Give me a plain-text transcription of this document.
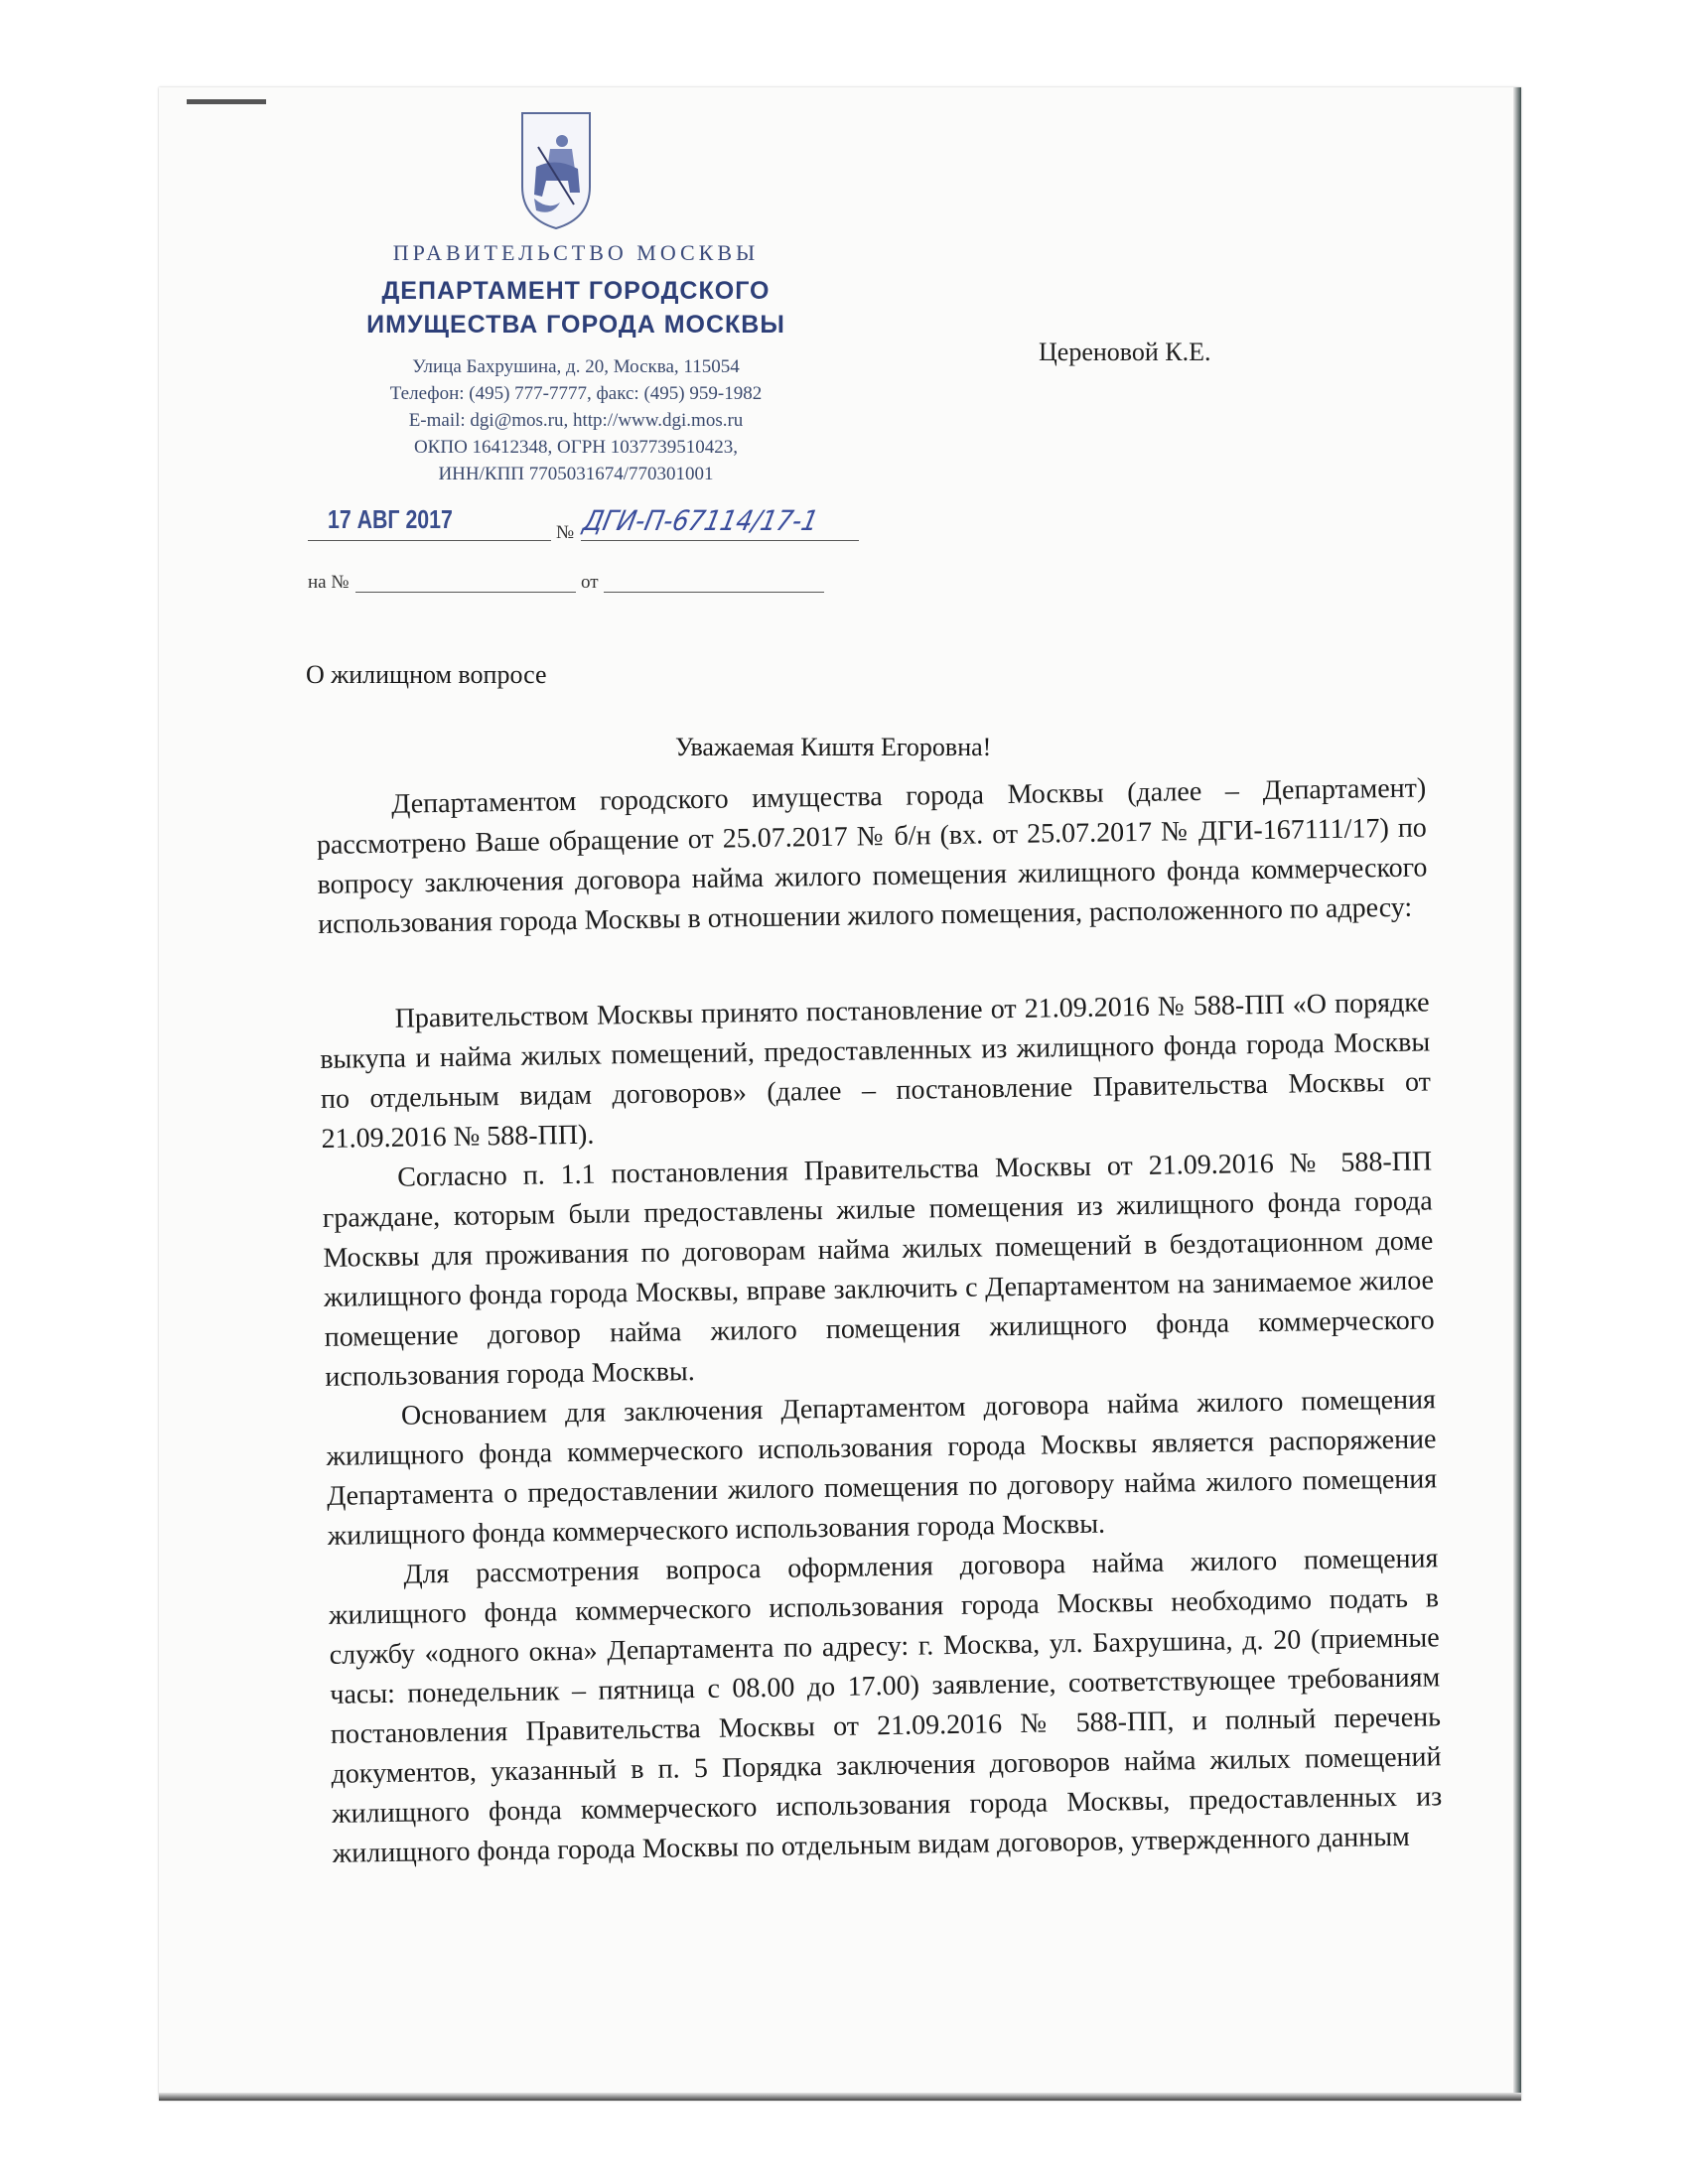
ПРАВИТЕЛЬСТВО МОСКВЫ
ДЕПАРТАМЕНТ ГОРОДСКОГО
ИМУЩЕСТВА ГОРОДА МОСКВЫ
Улица Бахрушина, д. 20, Москва, 115054
Телефон: (495) 777-7777, факс: (495) 959-1982
E-mail: dgi@mos.ru, http://www.dgi.mos.ru
ОКПО 16412348, ОГРН 1037739510423,
ИНН/КПП 7705031674/770301001
Цереновой К.Е.
17 АВГ 2017	№ ДГИ-П-67114/17-1
на №	от
О жилищном вопросе
Уважаемая Киштя Егоровна!

Департаментом городского имущества города Москвы (далее – Департамент) рассмотрено Ваше обращение от 25.07.2017 № б/н (вх. от 25.07.2017 № ДГИ-167111/17) по вопросу заключения договора найма жилого помещения жилищного фонда коммерческого использования города Москвы в отношении жилого помещения, расположенного по адресу:

Правительством Москвы принято постановление от 21.09.2016 № 588-ПП «О порядке выкупа и найма жилых помещений, предоставленных из жилищного фонда города Москвы по отдельным видам договоров» (далее – постановление Правительства Москвы от 21.09.2016 № 588-ПП).

Согласно п. 1.1 постановления Правительства Москвы от 21.09.2016 № 588-ПП граждане, которым были предоставлены жилые помещения из жилищного фонда города Москвы для проживания по договорам найма жилых помещений в бездотационном доме жилищного фонда города Москвы, вправе заключить с Департаментом на занимаемое жилое помещение договор найма жилого помещения жилищного фонда коммерческого использования города Москвы.

Основанием для заключения Департаментом договора найма жилого помещения жилищного фонда коммерческого использования города Москвы является распоряжение Департамента о предоставлении жилого помещения по договору найма жилого помещения жилищного фонда коммерческого использования города Москвы.

Для рассмотрения вопроса оформления договора найма жилого помещения жилищного фонда коммерческого использования города Москвы необходимо подать в службу «одного окна» Департамента по адресу: г. Москва, ул. Бахрушина, д. 20 (приемные часы: понедельник – пятница с 08.00 до 17.00) заявление, соответствующее требованиям постановления Правительства Москвы от 21.09.2016 № 588-ПП, и полный перечень документов, указанный в п. 5 Порядка заключения договоров найма жилых помещений жилищного фонда коммерческого использования города Москвы, предоставленных из жилищного фонда города Москвы по отдельным видам договоров, утвержденного данным
